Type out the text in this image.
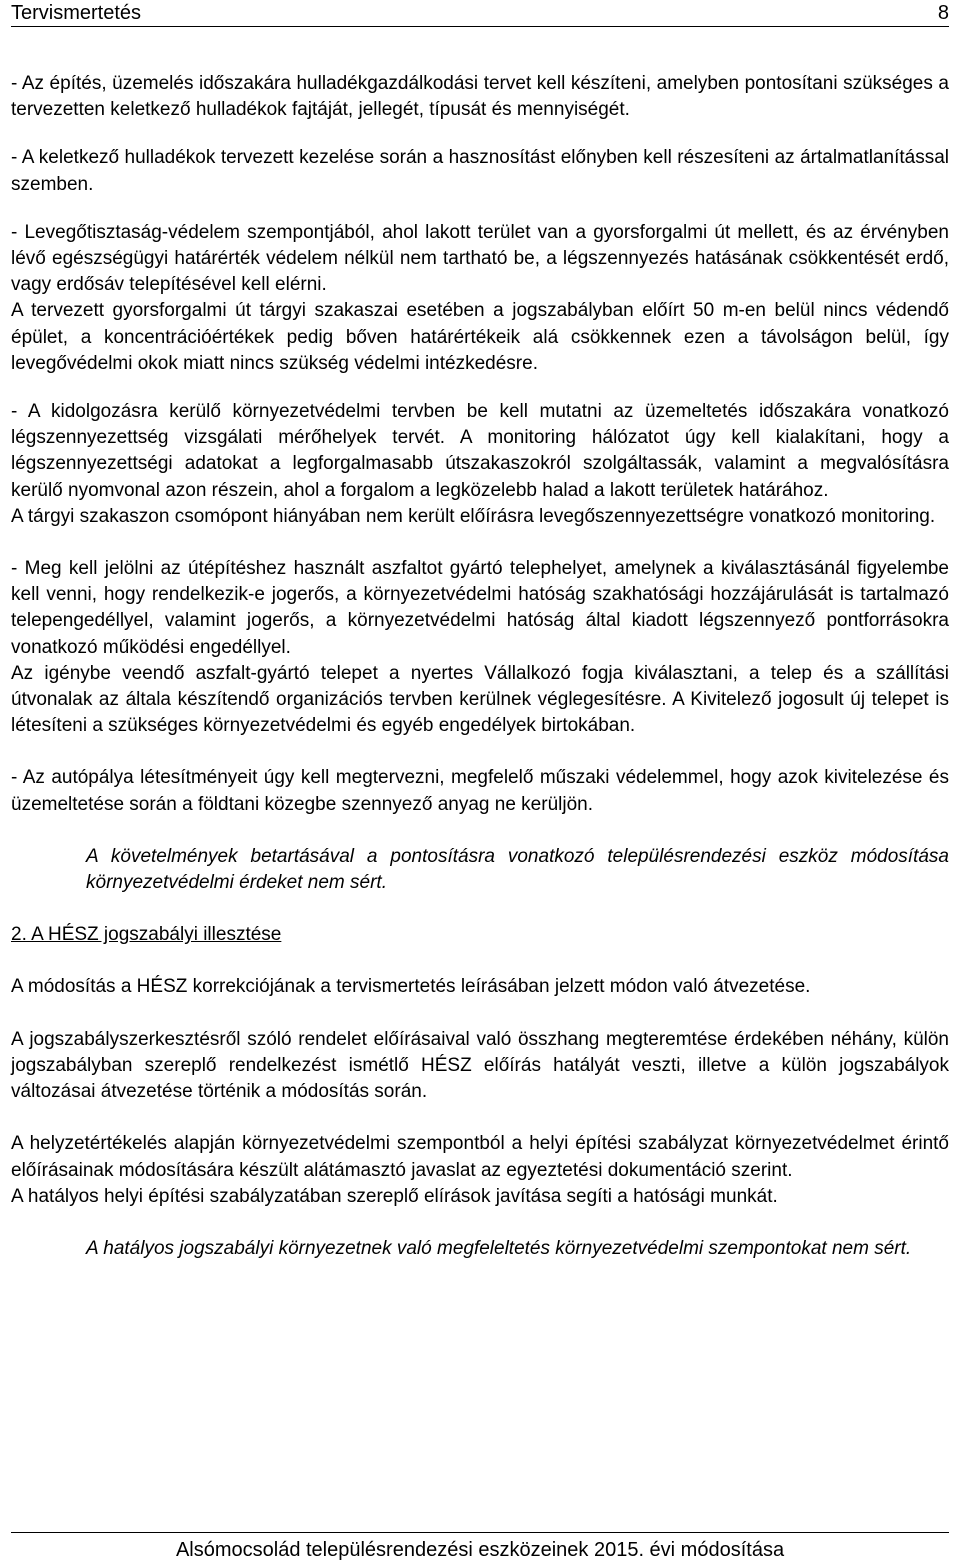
Tervismertetés	8

- Az építés, üzemelés időszakára hulladékgazdálkodási tervet kell készíteni, amelyben pontosítani szükséges a tervezetten keletkező hulladékok fajtáját, jellegét, típusát és mennyiségét.

- A keletkező hulladékok tervezett kezelése során a hasznosítást előnyben kell részesíteni az ártalmatlanítással szemben.

- Levegőtisztaság-védelem szempontjából, ahol lakott terület van a gyorsforgalmi út mellett, és az érvényben lévő egészségügyi határérték védelem nélkül nem tartható be, a légszennyezés hatásának csökkentését erdő, vagy erdősáv telepítésével kell elérni.

A tervezett gyorsforgalmi út tárgyi szakaszai esetében a jogszabályban előírt 50 m-en belül nincs védendő épület, a koncentrációértékek pedig bőven határértékeik alá csökkennek ezen a távolságon belül, így levegővédelmi okok miatt nincs szükség védelmi intézkedésre.

- A kidolgozásra kerülő környezetvédelmi tervben be kell mutatni az üzemeltetés időszakára vonatkozó légszennyezettség vizsgálati mérőhelyek tervét. A monitoring hálózatot úgy kell kialakítani, hogy a légszennyezettségi adatokat a legforgalmasabb útszakaszokról szolgáltassák, valamint a megvalósításra kerülő nyomvonal azon részein, ahol a forgalom a legközelebb halad a lakott területek határához.

A tárgyi szakaszon csomópont hiányában nem került előírásra levegőszennyezettségre vonatkozó monitoring.

- Meg kell jelölni az útépítéshez használt aszfaltot gyártó telephelyet, amelynek a kiválasztásánál figyelembe kell venni, hogy rendelkezik-e jogerős, a környezetvédelmi hatóság szakhatósági hozzájárulását is tartalmazó telepengedéllyel, valamint jogerős, a környezetvédelmi hatóság által kiadott légszennyező pontforrásokra vonatkozó működési engedéllyel.

Az igénybe veendő aszfalt-gyártó telepet a nyertes Vállalkozó fogja kiválasztani, a telep és a szállítási útvonalak az általa készítendő organizációs tervben kerülnek véglegesítésre. A Kivitelező jogosult új telepet is létesíteni a szükséges környezetvédelmi és egyéb engedélyek birtokában.

- Az autópálya létesítményeit úgy kell megtervezni, megfelelő műszaki védelemmel, hogy azok kivitelezése és üzemeltetése során a földtani közegbe szennyező anyag ne kerüljön.

A követelmények betartásával a pontosításra vonatkozó településrendezési eszköz módosítása környezetvédelmi érdeket nem sért.

2. A HÉSZ jogszabályi illesztése

A módosítás a HÉSZ korrekciójának a tervismertetés leírásában jelzett módon való átvezetése.

A jogszabályszerkesztésről szóló rendelet előírásaival való összhang megteremtése érdekében néhány, külön jogszabályban szereplő rendelkezést ismétlő HÉSZ előírás hatályát veszti, illetve a külön jogszabályok változásai átvezetése történik a módosítás során.

A helyzetértékelés alapján környezetvédelmi szempontból a helyi építési szabályzat környezetvédelmet érintő előírásainak módosítására készült alátámasztó javaslat az egyeztetési dokumentáció szerint.

A hatályos helyi építési szabályzatában szereplő elírások javítása segíti a hatósági munkát.

A hatályos jogszabályi környezetnek való megfeleltetés környezetvédelmi szempontokat nem sért.

Alsómocsolád településrendezési eszközeinek 2015. évi módosítása
